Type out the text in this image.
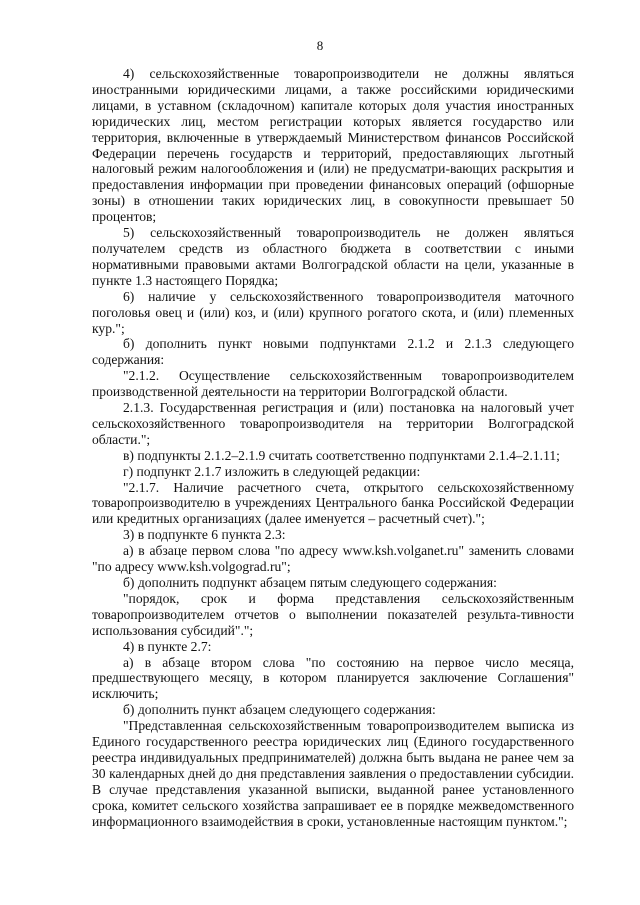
8

4) сельскохозяйственные товаропроизводители не должны являться иностранными юридическими лицами, а также российскими юридическими лицами, в уставном (складочном) капитале которых доля участия иностранных юридических лиц, местом регистрации которых является государство или территория, включенные в утверждаемый Министерством финансов Российской Федерации перечень государств и территорий, предоставляющих льготный налоговый режим налогообложения и (или) не предусматри-вающих раскрытия и предоставления информации при проведении финансовых операций (офшорные зоны) в отношении таких юридических лиц, в совокупности превышает 50 процентов;

5) сельскохозяйственный товаропроизводитель не должен являться получателем средств из областного бюджета в соответствии с иными нормативными правовыми актами Волгоградской области на цели, указанные в пункте 1.3 настоящего Порядка;

6) наличие у сельскохозяйственного товаропроизводителя маточного поголовья овец и (или) коз, и (или) крупного рогатого скота, и (или) племенных кур.";

б) дополнить пункт новыми подпунктами 2.1.2 и 2.1.3 следующего содержания:

"2.1.2. Осуществление сельскохозяйственным товаропроизводителем производственной деятельности на территории Волгоградской области.

2.1.3. Государственная регистрация и (или) постановка на налоговый учет сельскохозяйственного товаропроизводителя на территории Волгоградской области.";

в) подпункты 2.1.2–2.1.9 считать соответственно подпунктами 2.1.4–2.1.11;

г) подпункт 2.1.7 изложить в следующей редакции:

"2.1.7. Наличие расчетного счета, открытого сельскохозяйственному товаропроизводителю в учреждениях Центрального банка Российской Федерации или кредитных организациях (далее именуется – расчетный счет).";

3) в подпункте 6 пункта 2.3:

а) в абзаце первом слова "по адресу www.ksh.volganet.ru" заменить словами "по адресу www.ksh.volgograd.ru";

б) дополнить подпункт абзацем пятым следующего содержания:

"порядок, срок и форма представления сельскохозяйственным товаропроизводителем отчетов о выполнении показателей результа-тивности использования субсидий".";

4) в пункте 2.7:

а) в абзаце втором слова "по состоянию на первое число месяца, предшествующего месяцу, в котором планируется заключение Соглашения" исключить;

б) дополнить пункт абзацем следующего содержания:

"Представленная сельскохозяйственным товаропроизводителем выписка из Единого государственного реестра юридических лиц (Единого государственного реестра индивидуальных предпринимателей) должна быть выдана не ранее чем за 30 календарных дней до дня представления заявления о предоставлении субсидии. В случае представления указанной выписки, выданной ранее установленного срока, комитет сельского хозяйства запрашивает ее в порядке межведомственного информационного взаимодействия в сроки, установленные настоящим пунктом.";
